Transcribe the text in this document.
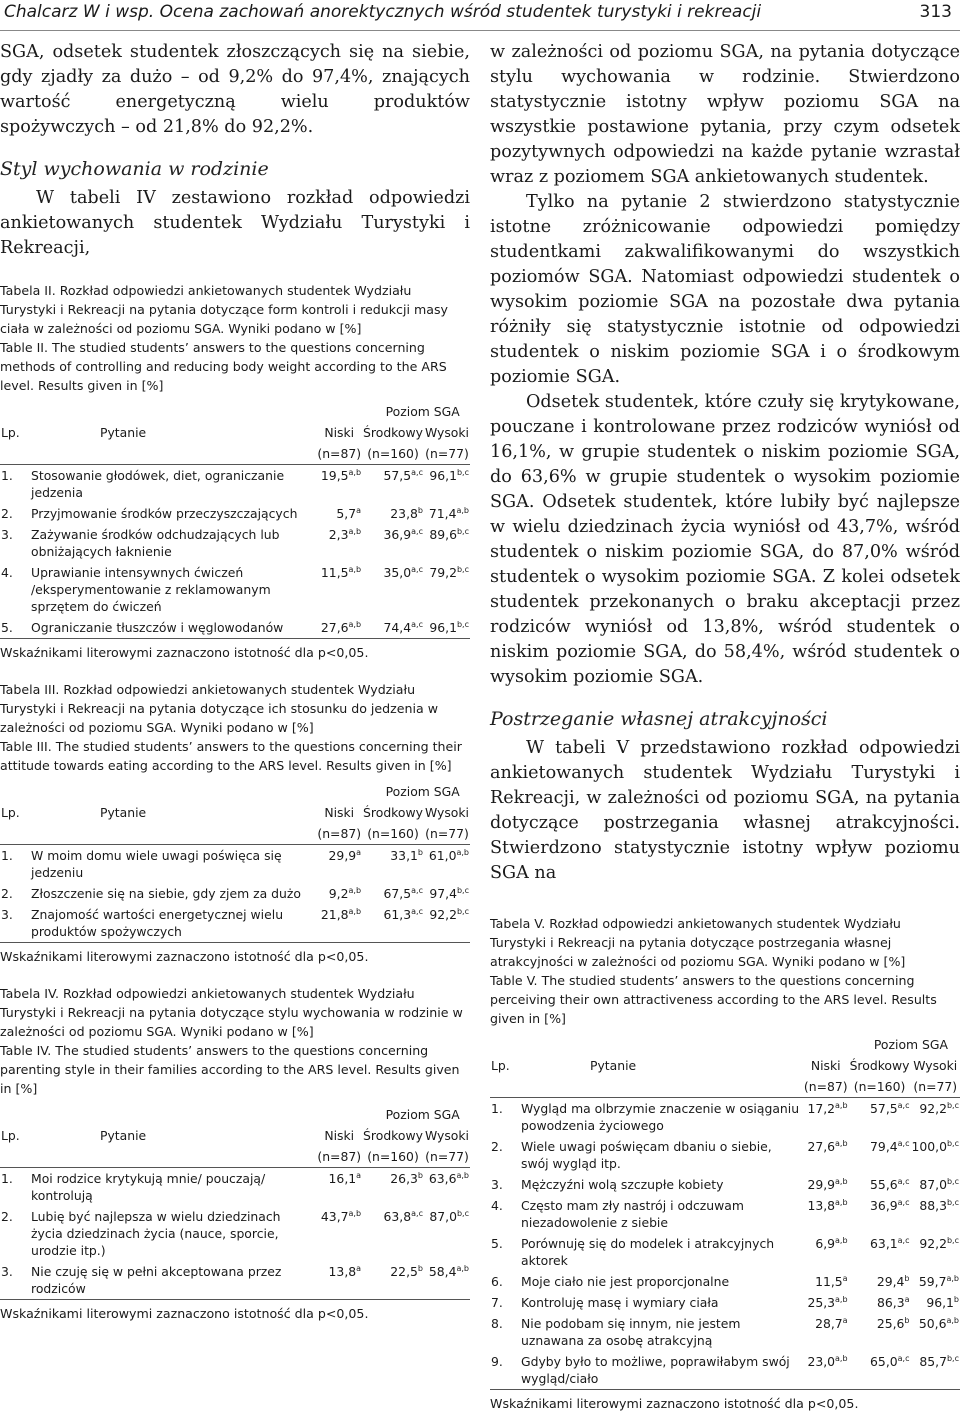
Chalcarz W i wsp. Ocena zachowań anorektycznych wśród studentek turystyki i rekreacji	313

SGA, odsetek studentek złoszczących się na siebie, gdy zjadły za dużo – od 9,2% do 97,4%, znających wartość energetyczną wielu produktów spożywczych – od 21,8% do 92,2%.

Styl wychowania w rodzinie

W tabeli IV zestawiono rozkład odpowiedzi ankietowanych studentek Wydziału Turystyki i Rekreacji,

Tabela II. Rozkład odpowiedzi ankietowanych studentek Wydziału Turystyki i Rekreacji na pytania dotyczące form kontroli i redukcji masy ciała w zależności od poziomu SGA. Wyniki podano w [%]

Table II. The studied students’ answers to the questions concerning methods of controlling and reducing body weight according to the ARS level. Results given in [%]

Lp.	Pytanie	Poziom SGA		
		Niski	Środkowy	Wysoki
		(n=87)	(n=160)	(n=77)
1.	Stosowanie głodówek, diet, ograniczanie jedzenia	19,5$^{a,b}$	57,5$^{a,c}$	96,1$^{b,c}$
2.	Przyjmowanie środków przeczyszczających	5,7$^a$	23,8$^b$	71,4$^{a,b}$
3.	Zażywanie środków odchudzających lub obniżających łaknienie	2,3$^{a,b}$	36,9$^{a,c}$	89,6$^{b,c}$
4.	Uprawianie intensywnych ćwiczeń /eksperymentowanie z reklamowanym sprzętem do ćwiczeń	11,5$^{a,b}$	35,0$^{a,c}$	79,2$^{b,c}$
5.	Ograniczanie tłuszczów i węglowodanów	27,6$^{a,b}$	74,4$^{a,c}$	96,1$^{b,c}$

Wskaźnikami literowymi zaznaczono istotność dla p<0,05.

Tabela III. Rozkład odpowiedzi ankietowanych studentek Wydziału Turystyki i Rekreacji na pytania dotyczące ich stosunku do jedzenia w zależności od poziomu SGA. Wyniki podano w [%]

Table III. The studied students’ answers to the questions concerning their attitude towards eating according to the ARS level. Results given in [%]

Lp.	Pytanie	Poziom SGA		
		Niski	Środkowy	Wysoki
		(n=87)	(n=160)	(n=77)
1.	W moim domu wiele uwagi poświęca się jedzeniu	29,9$^a$	33,1$^b$	61,0$^{a,b}$
2.	Złoszczenie się na siebie, gdy zjem za dużo	9,2$^{a,b}$	67,5$^{a,c}$	97,4$^{b,c}$
3.	Znajomość wartości energetycznej wielu produktów spożywczych	21,8$^{a,b}$	61,3$^{a,c}$	92,2$^{b,c}$

Wskaźnikami literowymi zaznaczono istotność dla p<0,05.

Tabela IV. Rozkład odpowiedzi ankietowanych studentek Wydziału Turystyki i Rekreacji na pytania dotyczące stylu wychowania w rodzinie w zależności od poziomu SGA. Wyniki podano w [%]

Table IV. The studied students’ answers to the questions concerning parenting style in their families according to the ARS level. Results given in [%]

Lp.	Pytanie	Poziom SGA		
		Niski	Środkowy	Wysoki
		(n=87)	(n=160)	(n=77)
1.	Moi rodzice krytykują mnie/ pouczają/ kontrolują	16,1$^a$	26,3$^b$	63,6$^{a,b}$
2.	Lubię być najlepsza w wielu dziedzinach życia dziedzinach życia (nauce, sporcie, urodzie itp.)	43,7$^{a,b}$	63,8$^{a,c}$	87,0$^{b,c}$
3.	Nie czuję się w pełni akceptowana przez rodziców	13,8$^a$	22,5$^b$	58,4$^{a,b}$

Wskaźnikami literowymi zaznaczono istotność dla p<0,05.

w zależności od poziomu SGA, na pytania dotyczące stylu wychowania w rodzinie. Stwierdzono statystycznie istotny wpływ poziomu SGA na wszystkie postawione pytania, przy czym odsetek pozytywnych odpowiedzi na każde pytanie wzrastał wraz z poziomem SGA ankietowanych studentek.

Tylko na pytanie 2 stwierdzono statystycznie istotne zróżnicowanie odpowiedzi pomiędzy studentkami zakwalifikowanymi do wszystkich poziomów SGA. Natomiast odpowiedzi studentek o wysokim poziomie SGA na pozostałe dwa pytania różniły się statystycznie istotnie od odpowiedzi studentek o niskim poziomie SGA i o środkowym poziomie SGA.

Odsetek studentek, które czuły się krytykowane, pouczane i kontrolowane przez rodziców wyniósł od 16,1%, w grupie studentek o niskim poziomie SGA, do 63,6% w grupie studentek o wysokim poziomie SGA. Odsetek studentek, które lubiły być najlepsze w wielu dziedzinach życia wyniósł od 43,7%, wśród studentek o niskim poziomie SGA, do 87,0% wśród studentek o wysokim poziomie SGA. Z kolei odsetek studentek przekonanych o braku akceptacji przez rodziców wyniósł od 13,8%, wśród studentek o niskim poziomie SGA, do 58,4%, wśród studentek o wysokim poziomie SGA.

Postrzeganie własnej atrakcyjności

W tabeli V przedstawiono rozkład odpowiedzi ankietowanych studentek Wydziału Turystyki i Rekreacji, w zależności od poziomu SGA, na pytania dotyczące postrzegania własnej atrakcyjności. Stwierdzono statystycznie istotny wpływ poziomu SGA na

Tabela V. Rozkład odpowiedzi ankietowanych studentek Wydziału Turystyki i Rekreacji na pytania dotyczące postrzegania własnej atrakcyjności w zależności od poziomu SGA. Wyniki podano w [%]

Table V. The studied students’ answers to the questions concerning perceiving their own attractiveness according to the ARS level. Results given in [%]

Lp.	Pytanie	Poziom SGA		
		Niski	Środkowy	Wysoki
		(n=87)	(n=160)	(n=77)
1.	Wygląd ma olbrzymie znaczenie w osiąganiu powodzenia życiowego	17,2$^{a,b}$	57,5$^{a,c}$	92,2$^{b,c}$
2.	Wiele uwagi poświęcam dbaniu o siebie, swój wygląd itp.	27,6$^{a,b}$	79,4$^{a,c}$	100,0$^{b,c}$
3.	Mężczyźni wolą szczupłe kobiety	29,9$^{a,b}$	55,6$^{a,c}$	87,0$^{b,c}$
4.	Często mam zły nastrój i odczuwam niezadowolenie z siebie	13,8$^{a,b}$	36,9$^{a,c}$	88,3$^{b,c}$
5.	Porównuję się do modelek i atrakcyjnych aktorek	6,9$^{a,b}$	63,1$^{a,c}$	92,2$^{b,c}$
6.	Moje ciało nie jest proporcjonalne	11,5$^a$	29,4$^b$	59,7$^{a,b}$
7.	Kontroluję masę i wymiary ciała	25,3$^{a,b}$	86,3$^a$	96,1$^b$
8.	Nie podobam się innym, nie jestem uznawana za osobę atrakcyjną	28,7$^a$	25,6$^b$	50,6$^{a,b}$
9.	Gdyby było to możliwe, poprawiłabym swój wygląd/ciało	23,0$^{a,b}$	65,0$^{a,c}$	85,7$^{b,c}$

Wskaźnikami literowymi zaznaczono istotność dla p<0,05.
